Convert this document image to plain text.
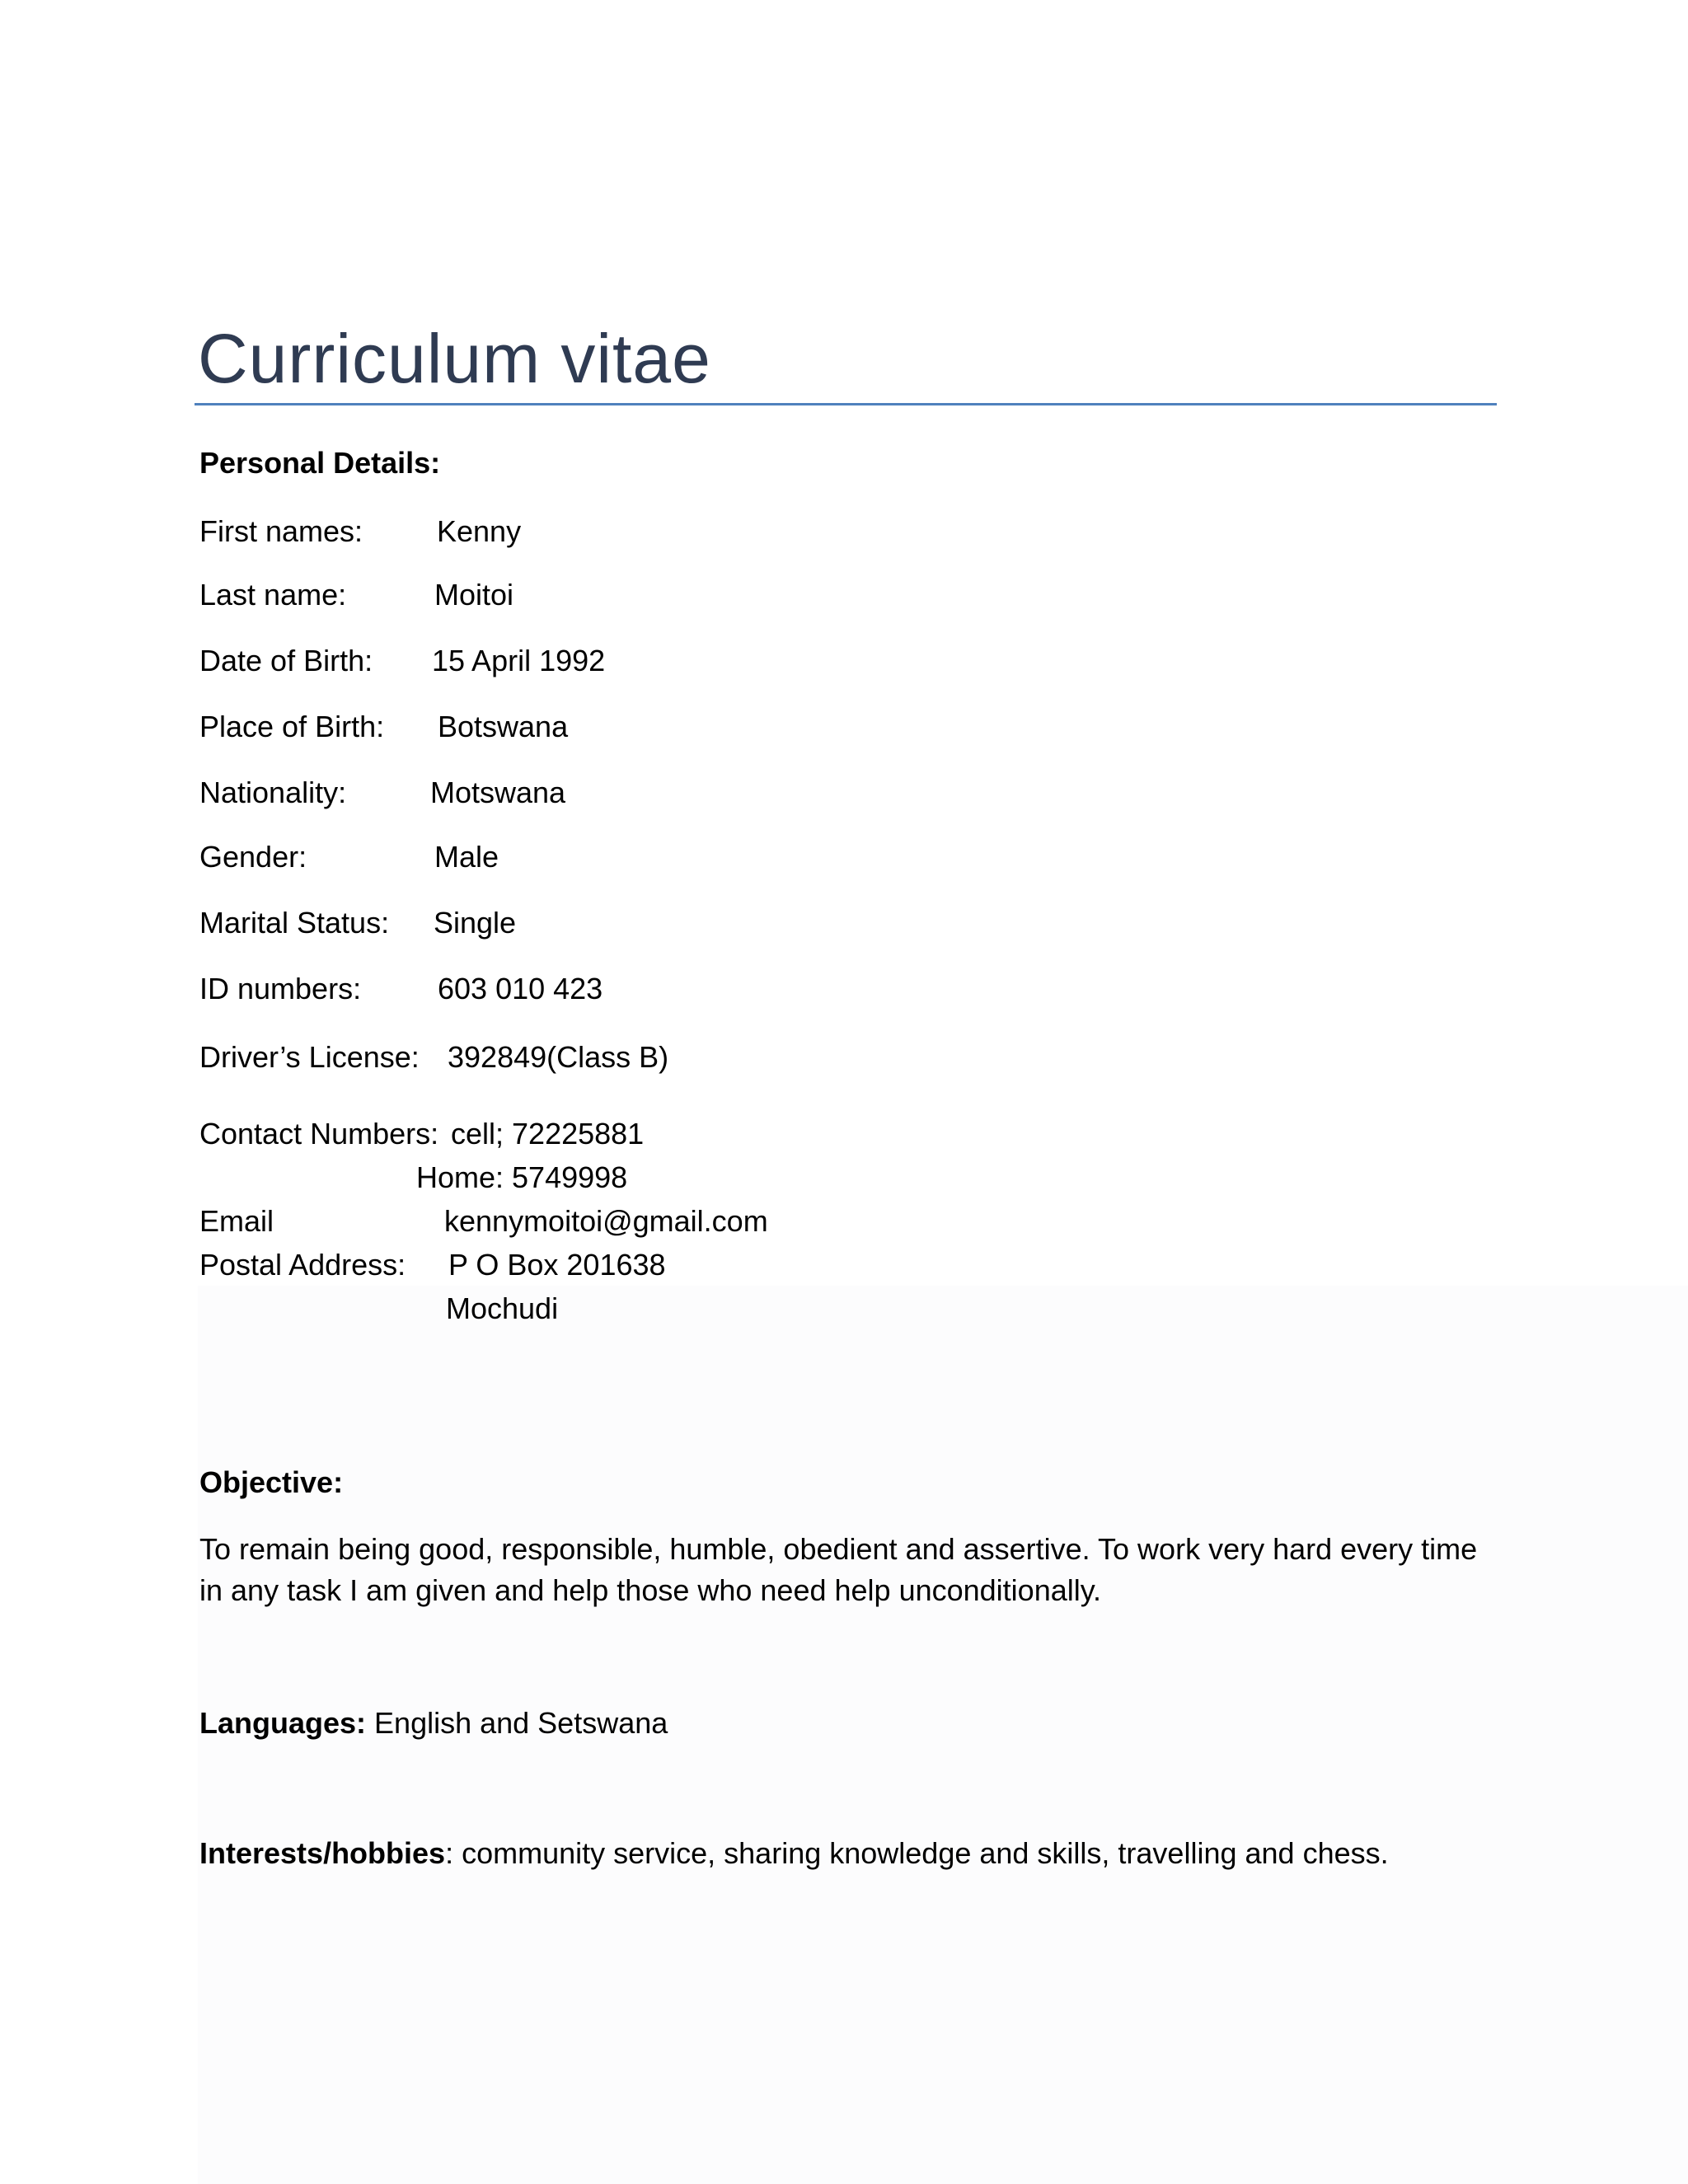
Curriculum vitae
Personal Details:
First names: Kenny
Last name:	Moitoi
Date of Birth: 15 April 1992
Place of Birth: Botswana
Nationality:	Motswana
Gender:	Male
Marital Status: Single
ID numbers:	603 010 423
Driver’s License: 392849(Class B)
Contact Numbers: cell; 72225881
Home: 5749998
Email	kennymoitoi@gmail.com
Postal Address: P O Box 201638
Mochudi
Objective:
To remain being good, responsible, humble, obedient and assertive. To work very hard every time in any task I am given and help those who need help unconditionally.
Languages: English and Setswana
Interests/hobbies: community service, sharing knowledge and skills, travelling and chess.
